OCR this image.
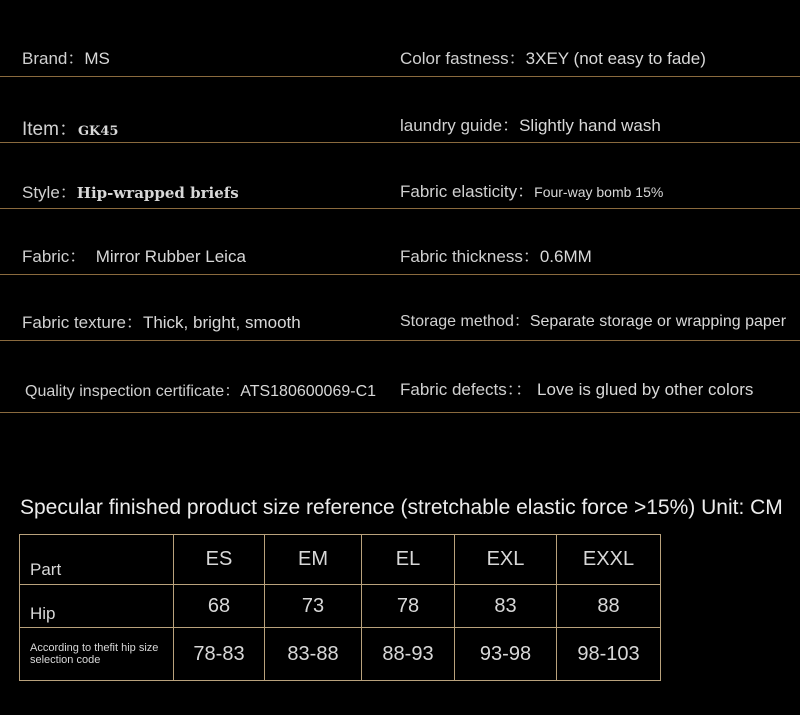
Brand：MS	Color fastness：3XEY (not easy to fade)
Item：GK45	laundry guide：Slightly hand wash
Style：Hip-wrapped briefs	Fabric elasticity：Four-way bomb 15%
Fabric： Mirror Rubber Leica	Fabric thickness：0.6MM
Fabric texture：Thick, bright, smooth	Storage method：Separate storage or wrapping paper
Quality inspection certificate：ATS180600069-C1 Fabric defects：： Love is glued by other colors
Specular finished product size reference (stretchable elastic force >15%) Unit: CM
Part	ES	EM	EL	EXL	EXXL
Hip	68	73	78	83	88
According to thefit hip size selection code	78-83	83-88	88-93	93-98	98-103
